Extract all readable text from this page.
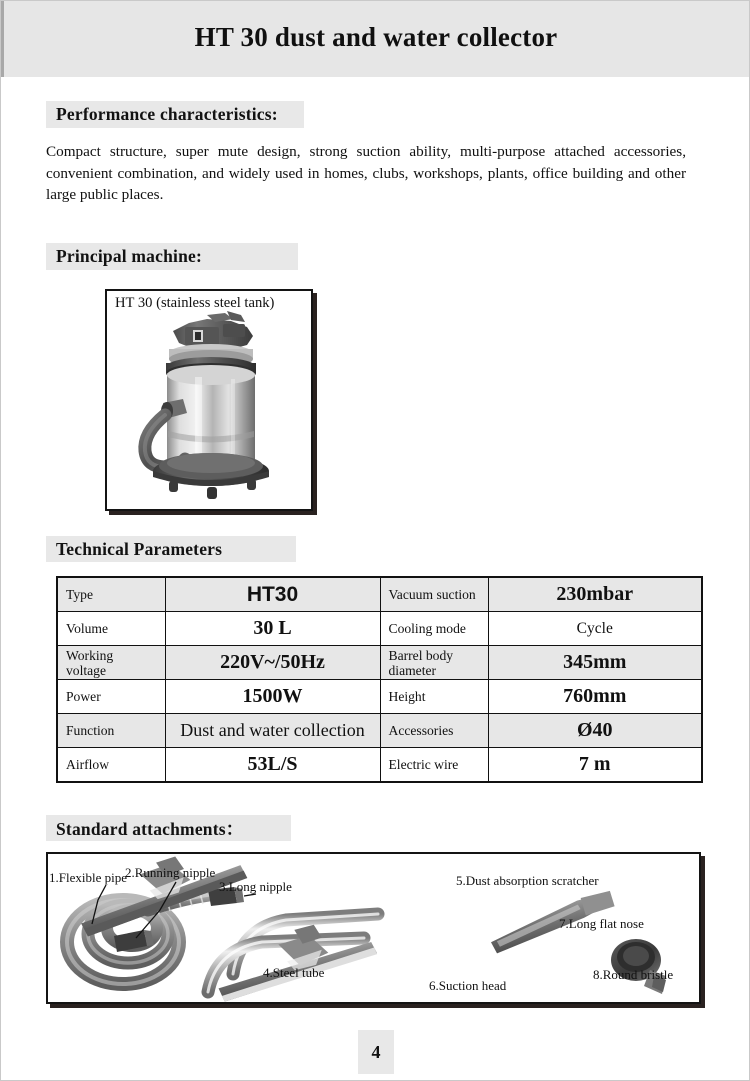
HT 30 dust and water collector
Performance characteristics:
Compact structure, super mute design, strong suction ability, multi-purpose attached accessories, convenient combination, and widely used in homes, clubs, workshops, plants, office building and other large public places.
Principal machine:
HT 30 (stainless steel tank)
Technical Parameters
Type	HT30	Vacuum suction	230mbar
Volume	30 L	Cooling mode	Cycle
Working voltage	220V~/50Hz	Barrel body diameter	345mm
Power	1500W	Height	760mm
Function	Dust and water collection	Accessories	Ø40
Airflow	53L/S	Electric wire	7 m
Standard attachments：
1.Flexible pipe
2.Running nipple
3.Long nipple
4.Steel tube
5.Dust absorption scratcher
6.Suction head
7.Long flat nose
8.Round bristle
4
